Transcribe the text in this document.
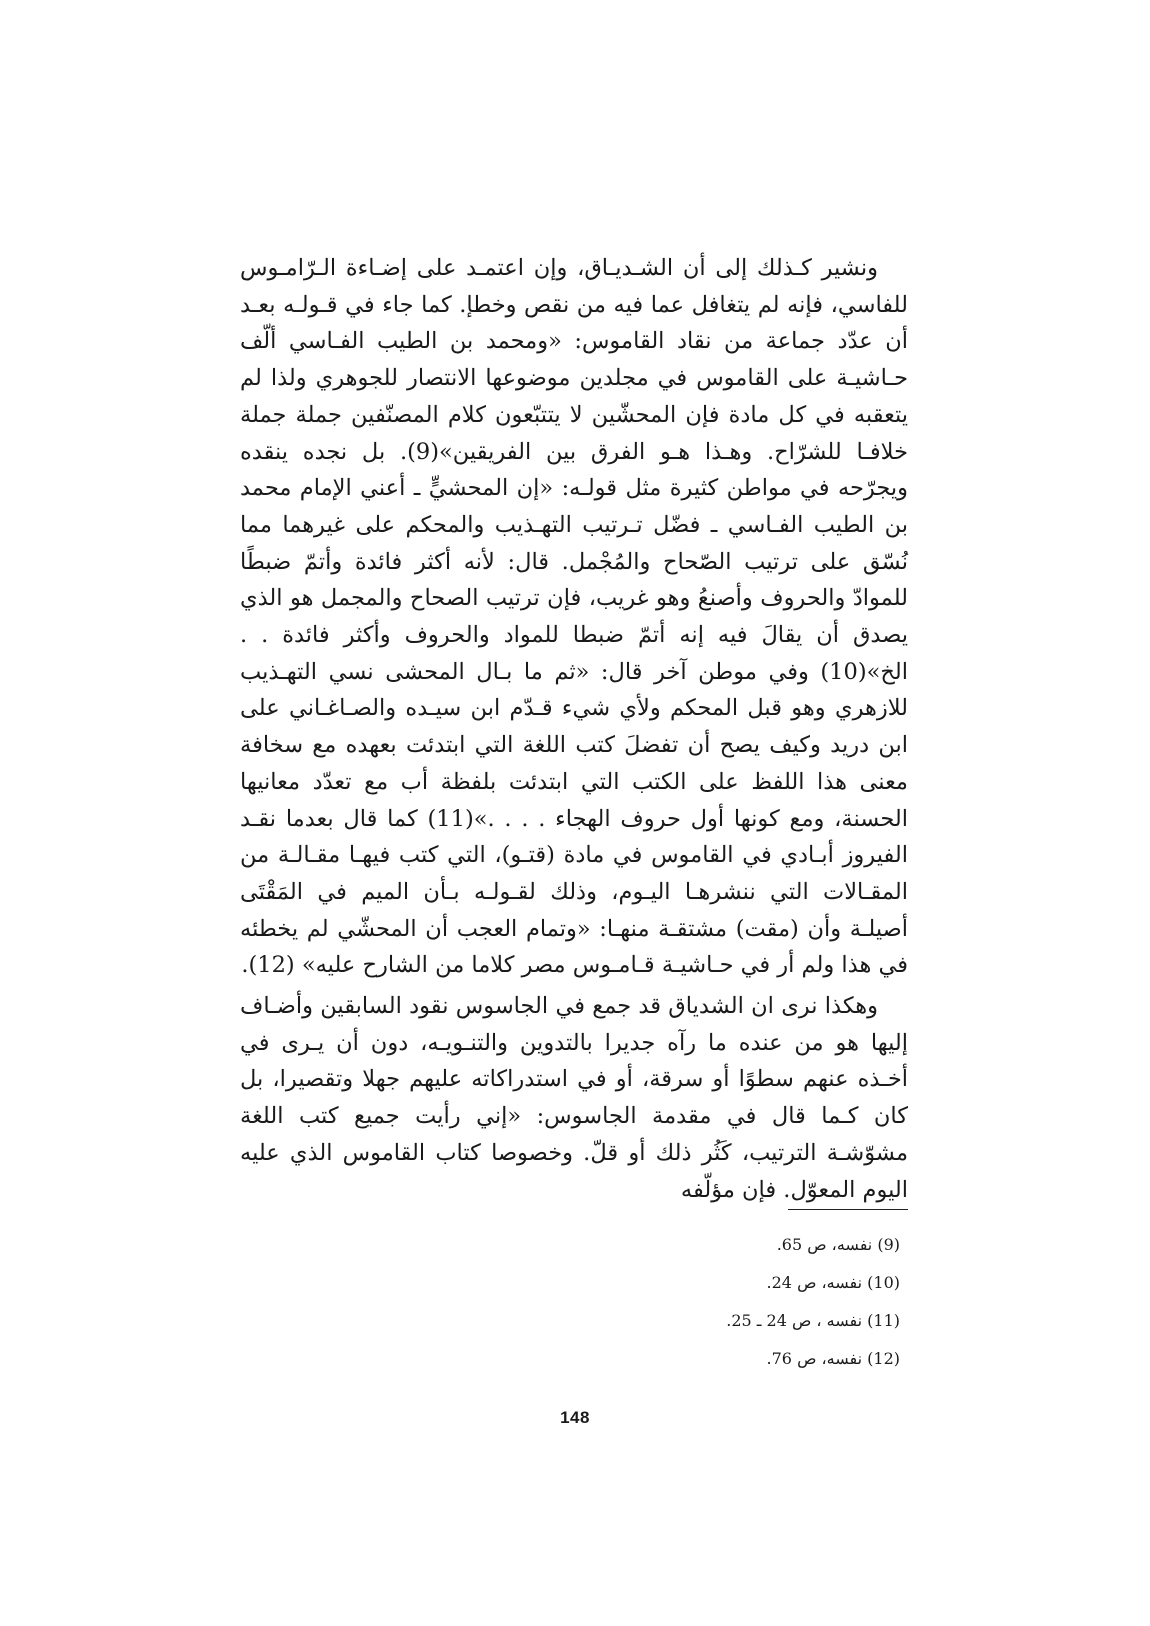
ونشير كـذلك إلى أن الشـديـاق، وإن اعتمـد على إضـاءة الـرّامـوس للفاسي، فإنه لم يتغافل عما فيه من نقص وخطإ. كما جاء في قـولـه بعـد أن عدّد جماعة من نقاد القاموس: «ومحمد بن الطيب الفـاسي ألّف حـاشيـة على القاموس في مجلدين موضوعها الانتصار للجوهري ولذا لم يتعقبه في كل مادة فإن المحشّين لا يتتبّعون كلام المصنّفين جملة جملة خلافـا للشرّاح. وهـذا هـو الفرق بين الفريقين»(9). بل نجده ينقده ويجرّحه في مواطن كثيرة مثل قولـه: «إن المحشيٍّ ـ أعني الإمام محمد بن الطيب الفـاسي ـ فضّل تـرتيب التهـذيب والمحكم على غيرهما مما نُسّق على ترتيب الصّحاح والمُجْمل. قال: لأنه أكثر فائدة وأتمّ ضبطًا للموادّ والحروف وأصنعُ وهو غريب، فإن ترتيب الصحاح والمجمل هو الذي يصدق أن يقالَ فيه إنه أتمّ ضبطا للمواد والحروف وأكثر فائدة . . الخ»(10) وفي موطن آخر قال: «ثم ما بـال المحشى نسي التهـذيب للازهري وهو قبل المحكم ولأي شيء قـدّم ابن سيـده والصـاغـاني على ابن دريد وكيف يصح أن تفضلَ كتب اللغة التي ابتدئت بعهده مع سخافة معنى هذا اللفظ على الكتب التي ابتدئت بلفظة أب مع تعدّد معانيها الحسنة، ومع كونها أول حروف الهجاء . . . .»(11) كما قال بعدما نقـد الفيروز أبـادي في القاموس في مادة (قتـو)، التي كتب فيهـا مقـالـة من المقـالات التي ننشرهـا اليـوم، وذلك لقـولـه بـأن الميم في المَقْتَى أصيلـة وأن (مقت) مشتقـة منهـا: «وتمام العجب أن المحشّي لم يخطئه في هذا ولم أر في حـاشيـة قـامـوس مصر كلاما من الشارح عليه» (12).

وهكذا نرى ان الشدياق قد جمع في الجاسوس نقود السابقين وأضـاف إليها هو من عنده ما رآه جديرا بالتدوين والتنـويـه، دون أن يـرى في أخـذه عنهم سطوًا أو سرقة، أو في استدراكاته عليهم جهلا وتقصيرا، بل كان كـما قال في مقدمة الجاسوس: «إني رأيت جميع كتب اللغة مشوّشـة الترتيب، كَثُر ذلك أو قلّ. وخصوصا كتاب القاموس الذي عليه اليوم المعوّل. فإن مؤلّفه

(9) نفسه، ص 65.
(10) نفسه، ص 24.
(11) نفسه ، ص 24 ـ 25.
(12) نفسه، ص 76.
148
